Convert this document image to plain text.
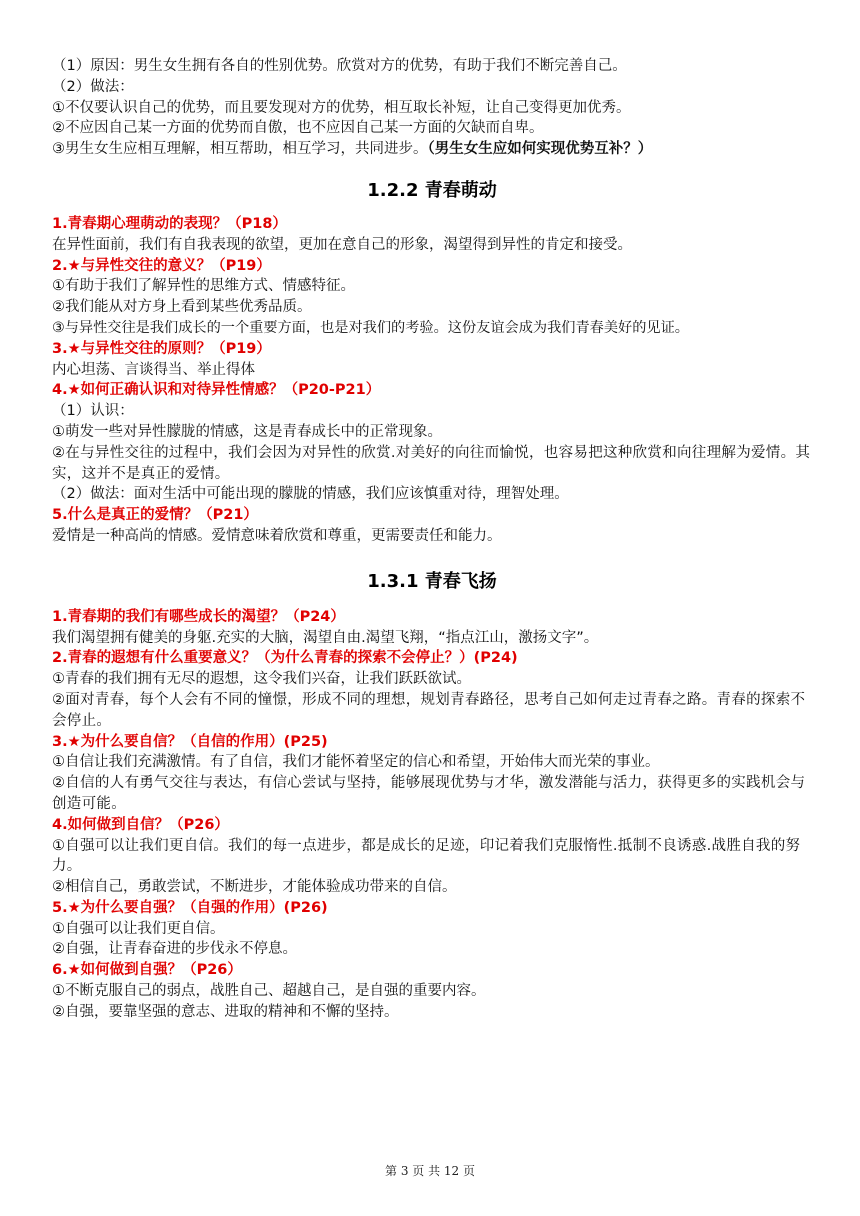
（1）原因：男生女生拥有各自的性别优势。欣赏对方的优势，有助于我们不断完善自己。
（2）做法：
①不仅要认识自己的优势，而且要发现对方的优势，相互取长补短，让自己变得更加优秀。
②不应因自己某一方面的优势而自傲，也不应因自己某一方面的欠缺而自卑。
③男生女生应相互理解，相互帮助，相互学习，共同进步。（男生女生应如何实现优势互补？）
1.2.2 青春萌动
1.青春期心理萌动的表现？（P18）
在异性面前，我们有自我表现的欲望，更加在意自己的形象，渴望得到异性的肯定和接受。
2.★与异性交往的意义？（P19）
①有助于我们了解异性的思维方式、情感特征。
②我们能从对方身上看到某些优秀品质。
③与异性交往是我们成长的一个重要方面，也是对我们的考验。这份友谊会成为我们青春美好的见证。
3.★与异性交往的原则？（P19）
内心坦荡、言谈得当、举止得体
4.★如何正确认识和对待异性情感？（P20-P21）
（1）认识：
①萌发一些对异性朦胧的情感，这是青春成长中的正常现象。
②在与异性交往的过程中，我们会因为对异性的欣赏.对美好的向往而愉悦，也容易把这种欣赏和向往理解为爱情。其实，这并不是真正的爱情。
（2）做法：面对生活中可能出现的朦胧的情感，我们应该慎重对待，理智处理。
5.什么是真正的爱情？（P21）
爱情是一种高尚的情感。爱情意味着欣赏和尊重，更需要责任和能力。
1.3.1 青春飞扬
1.青春期的我们有哪些成长的渴望？（P24）
我们渴望拥有健美的身躯.充实的大脑，渴望自由.渴望飞翔，“指点江山，激扬文字”。
2.青春的遐想有什么重要意义？（为什么青春的探索不会停止？）(P24)
①青春的我们拥有无尽的遐想，这令我们兴奋，让我们跃跃欲试。
②面对青春，每个人会有不同的憧憬，形成不同的理想，规划青春路径，思考自己如何走过青春之路。青春的探索不会停止。
3.★为什么要自信？（自信的作用）(P25)
①自信让我们充满激情。有了自信，我们才能怀着坚定的信心和希望，开始伟大而光荣的事业。
②自信的人有勇气交往与表达，有信心尝试与坚持，能够展现优势与才华，激发潜能与活力，获得更多的实践机会与创造可能。
4.如何做到自信？（P26）
①自强可以让我们更自信。我们的每一点进步，都是成长的足迹，印记着我们克服惰性.抵制不良诱惑.战胜自我的努力。
②相信自己，勇敢尝试，不断进步，才能体验成功带来的自信。
5.★为什么要自强？（自强的作用）(P26)
①自强可以让我们更自信。
②自强，让青春奋进的步伐永不停息。
6.★如何做到自强？（P26）
①不断克服自己的弱点，战胜自己、超越自己，是自强的重要内容。
②自强，要靠坚强的意志、进取的精神和不懈的坚持。
第 3 页 共 12 页
